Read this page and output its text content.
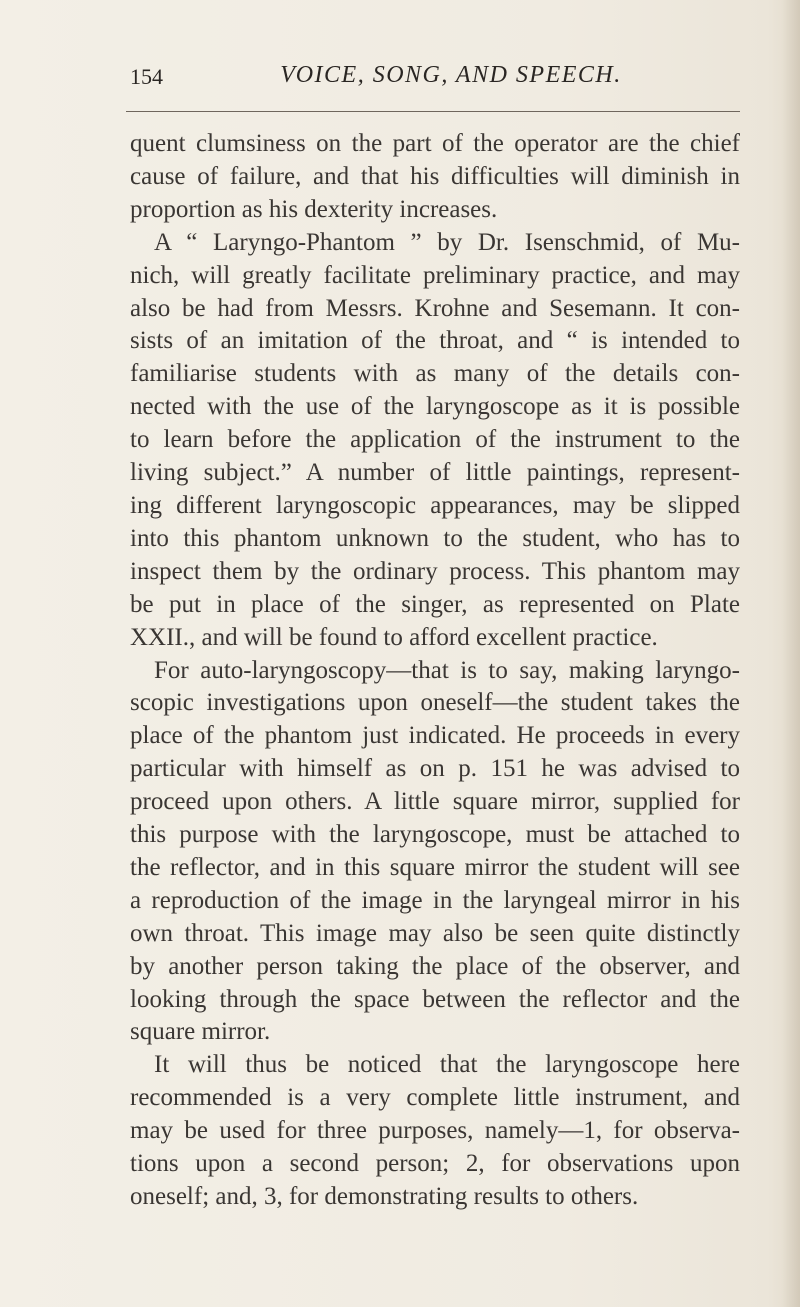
154	VOICE, SONG, AND SPEECH.
quent clumsiness on the part of the operator are the chief
cause of failure, and that his difficulties will diminish in
proportion as his dexterity increases.
A “ Laryngo-Phantom ” by Dr. Isenschmid, of Mu-
nich, will greatly facilitate preliminary practice, and may
also be had from Messrs. Krohne and Sesemann. It con-
sists of an imitation of the throat, and “ is intended to
familiarise students with as many of the details con-
nected with the use of the laryngoscope as it is possible
to learn before the application of the instrument to the
living subject.” A number of little paintings, represent-
ing different laryngoscopic appearances, may be slipped
into this phantom unknown to the student, who has to
inspect them by the ordinary process. This phantom may
be put in place of the singer, as represented on Plate
XXII., and will be found to afford excellent practice.
For auto-laryngoscopy—that is to say, making laryngo-
scopic investigations upon oneself—the student takes the
place of the phantom just indicated. He proceeds in every
particular with himself as on p. 151 he was advised to
proceed upon others. A little square mirror, supplied for
this purpose with the laryngoscope, must be attached to
the reflector, and in this square mirror the student will see
a reproduction of the image in the laryngeal mirror in his
own throat. This image may also be seen quite distinctly
by another person taking the place of the observer, and
looking through the space between the reflector and the
square mirror.
It will thus be noticed that the laryngoscope here
recommended is a very complete little instrument, and
may be used for three purposes, namely—1, for observa-
tions upon a second person; 2, for observations upon
oneself; and, 3, for demonstrating results to others.
